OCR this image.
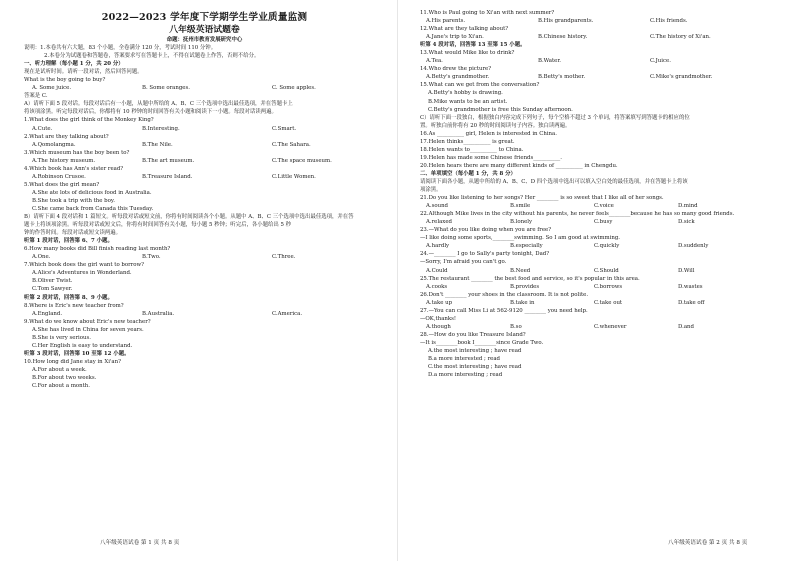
2022—2023 学年度下学期学生学业质量监测
八年级英语试题卷
命题：抚州市教育发展研究中心
说明：1.本卷共有六大题，83 个小题，全卷满分 120 分，考试时间 110 分钟。
2.本卷分为试题卷和答题卷，答案要求写在答题卡上，不得在试题卷上作答，否则不给分。
一、听力理解（每小题 1 分，共 20 分）
现在是试听时间。请听一段对话，然后回答问题。
What is the boy going to buy?
A. Some juice.	B. Some oranges.	C. Some apples.
答案是 C.
A）请听下面 5 段对话。每段对话后有一小题，从题中所给的 A、B、C 三个选项中选出最佳选项，并在答题卡上
将该项涂黑。听完每段对话后，你都将有 10 秒钟的时间回答有关小题和阅读下一小题。每段对话读两遍。
1.What does the girl think of the Monkey King?
A.Cute.	B.Interesting.	C.Smart.
2.What are they talking about?
A.Qomolangma.	B.The Nile.	C.The Sahara.
3.Which museum has the boy been to?
A.The history museum.	B.The art museum.	C.The space museum.
4.Which book has Ann's sister read?
A.Robinson Crusoe.	B.Treasure Island.	C.Little Women.
5.What does the girl mean?
A.She ate lots of delicious food in Australia.
B.She took a trip with the boy.
C.She came back from Canada this Tuesday.
B）请听下面 4 段对话和 1 篇短文。听每段对话或短文前，你将有时间阅读各个小题。从题中 A、B、C 三个选项中选出最佳选项，并在答
题卡上将该项涂黑。听每段对话或短文后，你将有时间回答有关小题，每小题 5 秒钟；听完后，各小题给出 5 秒
钟的作答时间。每段对话或短文读两遍。
听第 1 段对话，回答第 6、7 小题。
6.How many books did Bill finish reading last month?
A.One.	B.Two.	C.Three.
7.Which book does the girl want to borrow?
A.Alice's Adventures in Wonderland.
B.Oliver Twist.
C.Tom Sawyer.
听第 2 段对话，回答第 8、9 小题。
8.Where is Eric's new teacher from?
A.England.	B.Australia.	C.America.
9.What do we know about Eric's new teacher?
A.She has lived in China for seven years.
B.She is very serious.
C.Her English is easy to understand.
听第 3 段对话，回答第 10 至第 12 小题。
10.How long did Jane stay in Xi'an?
A.For about a week.
B.For about two weeks.
C.For about a month.
八年级英语试卷 第 1 页 共 8 页
11.Who is Paul going to Xi'an with next summer?
A.His parents.	B.His grandparents.	C.His friends.
12.What are they talking about?
A.Jane's trip to Xi'an.	B.Chinese history.	C.The history of Xi'an.
听第 4 段对话，回答第 13 至第 15 小题。
13.What would Mike like to drink?
A.Tea.	B.Water.	C.Juice.
14.Who drew the picture?
A.Betty's grandmother.	B.Betty's mother.	C.Mike's grandmother.
15.What can we get from the conversation?
A.Betty's hobby is drawing.
B.Mike wants to be an artist.
C.Betty's grandmother is free this Sunday afternoon.
C）请听下面一段独白，根据独白内容完成下列句子，每个空格不超过 3 个单词，将答案填写到答题卡的相应的位
置。听独白前你将有 20 秒的时间阅读句子内容。独白读两遍。
16.As __________ girl, Helen is interested in China.
17.Helen thinks__________ is great.
18.Helen wants to__________ to China.
19.Helen has made some Chinese friends__________.
20.Helen hears there are many different kinds of __________ in Chengdu.
二、单项填空（每小题 1 分，共 8 分）
请阅读下面各小题，从题中所给的 A、B、C、D 四个选项中选出可以填入空白处的最佳选项，并在答题卡上将该
项涂黑。
21.Do you like listening to her songs? Her ________ is so sweet that I like all of her songs.
A.sound	B.smile	C.voice	D.mind
22.Although Mike lives in the city without his parents, he never feels________because he has so many good friends.
A.relaxed	B.lonely	C.busy	D.sick
23.—What do you like doing when you are free?
—I like doing some sports,________swimming. So I am good at swimming.
A.hardly	B.especially	C.quickly	D.suddenly
24.—________ I go to Sally's party tonight, Dad?
—Sorry, I'm afraid you can't go.
A.Could	B.Need	C.Should	D.Will
25.The restaurant ________ the best food and service, so it's popular in this area.
A.cooks	B.provides	C.borrows	D.wastes
26.Don't ________ your shoes in the classroom. It is not polite.
A.take up	B.take in	C.take out	D.take off
27.—You can call Miss Li at 562-9120 ________ you need help.
—OK,thanks!
A.though	B.so	C.whenever	D.and
28.—How do you like Treasure Island?
—It is________book I________since Grade Two.
A.the most interesting ; have read
B.a more interested ; read
C.the most interesting ; have read
D.a more interesting ; read
八年级英语试卷 第 2 页 共 8 页
